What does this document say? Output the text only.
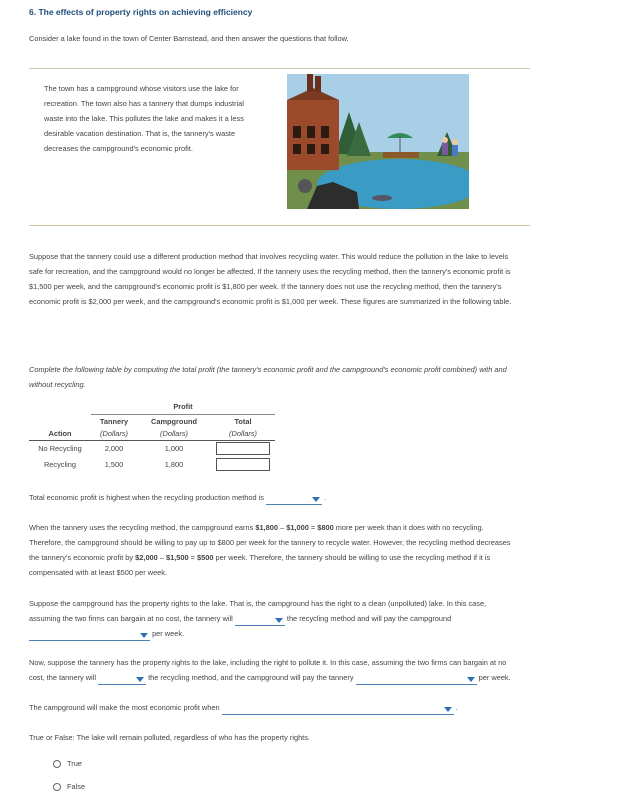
6. The effects of property rights on achieving efficiency
Consider a lake found in the town of Center Barnstead, and then answer the questions that follow.
The town has a campground whose visitors use the lake for
recreation. The town also has a tannery that dumps industrial
waste into the lake. This pollutes the lake and makes it a less
desirable vacation destination. That is, the tannery's waste
decreases the campground's economic profit.
Suppose that the tannery could use a different production method that involves recycling water. This would reduce the pollution in the lake to levels
safe for recreation, and the campground would no longer be affected. If the tannery uses the recycling method, then the tannery's economic profit is
$1,500 per week, and the campground's economic profit is $1,800 per week. If the tannery does not use the recycling method, then the tannery's
economic profit is $2,000 per week, and the campground's economic profit is $1,000 per week. These figures are summarized in the following table.
Complete the following table by computing the total profit (the tannery's economic profit and the campground's economic profit combined) with and
without recycling.
	Profit		
	Tannery	Campground	Total
Action	(Dollars)	(Dollars)	(Dollars)
No Recycling	2,000	1,000	

Recycling	1,500	1,800	
Total economic profit is highest when the recycling production method is	.
When the tannery uses the recycling method, the campground earns $1,800 – $1,000 = $800 more per week than it does with no recycling.
Therefore, the campground should be willing to pay up to $800 per week for the tannery to recycle water. However, the recycling method decreases
the tannery's economic profit by $2,000 – $1,500 = $500 per week. Therefore, the tannery should be willing to use the recycling method if it is
compensated with at least $500 per week.
Suppose the campground has the property rights to the lake. That is, the campground has the right to a clean (unpolluted) lake. In this case,
assuming the two firms can bargain at no cost, the tannery will	the recycling method and will pay the campground
per week.
Now, suppose the tannery has the property rights to the lake, including the right to pollute it. In this case, assuming the two firms can bargain at no
cost, the tannery will	the recycling method, and the campground will pay the tannery	per week.
The campground will make the most economic profit when	.
True or False: The lake will remain polluted, regardless of who has the property rights.
True
False
